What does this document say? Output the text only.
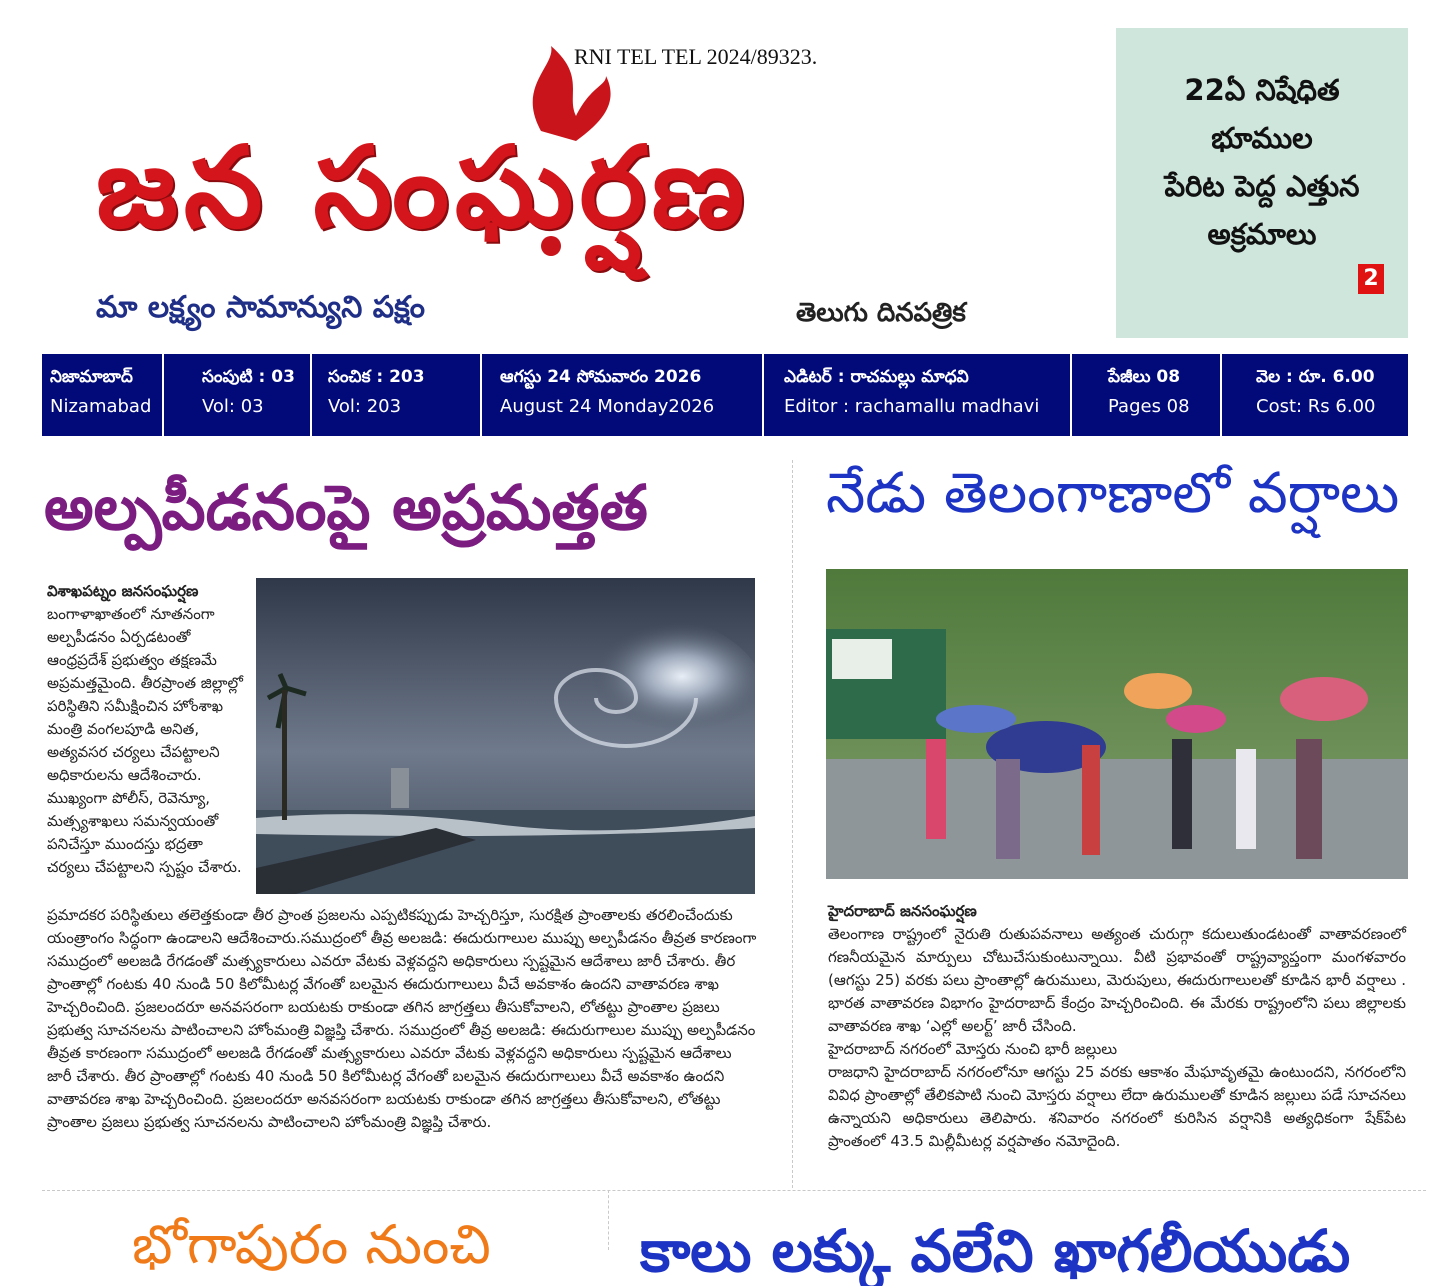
RNI TEL TEL 2024/89323.
జన సంఘర్షణ
మా లక్ష్యం సామాన్యుని పక్షం	తెలుగు దినపత్రిక
22ఏ నిషేధిత
భూముల
పేరిట పెద్ద ఎత్తున
అక్రమాలు
2
నిజామాబాద్
Nizamabad
సంపుటి : 03
Vol: 03
సంచిక : 203
Vol: 203
ఆగస్టు 24 సోమవారం 2026
August 24 Monday2026
ఎడిటర్ : రాచమల్లు మాధవి
Editor : rachamallu madhavi
పేజీలు 08
Pages 08
వెల : రూ. 6.00
Cost: Rs 6.00
అల్పపీడనంపై అప్రమత్తత
విశాఖపట్నం జనసంఘర్షణ
బంగాళాఖాతంలో నూతనంగా అల్పపీడనం ఏర్పడటంతో ఆంధ్రప్రదేశ్ ప్రభుత్వం తక్షణమే అప్రమత్తమైంది. తీరప్రాంత జిల్లాల్లో పరిస్థితిని సమీక్షించిన హోంశాఖ మంత్రి వంగలపూడి అనిత, అత్యవసర చర్యలు చేపట్టాలని అధికారులను ఆదేశించారు. ముఖ్యంగా పోలీస్, రెవెన్యూ, మత్స్యశాఖలు సమన్వయంతో పనిచేస్తూ ముందస్తు భద్రతా చర్యలు చేపట్టాలని స్పష్టం చేశారు.
ప్రమాదకర పరిస్థితులు తలెత్తకుండా తీర ప్రాంత ప్రజలను ఎప్పటికప్పుడు హెచ్చరిస్తూ, సురక్షిత ప్రాంతాలకు తరలించేందుకు యంత్రాంగం సిద్ధంగా ఉండాలని ఆదేశించారు.సముద్రంలో తీవ్ర అలజడి: ఈదురుగాలుల ముప్పు అల్పపీడనం తీవ్రత కారణంగా సముద్రంలో అలజడి రేగడంతో మత్స్యకారులు ఎవరూ వేటకు వెళ్లవద్దని అధికారులు స్పష్టమైన ఆదేశాలు జారీ చేశారు. తీర ప్రాంతాల్లో గంటకు 40 నుండి 50 కిలోమీటర్ల వేగంతో బలమైన ఈదురుగాలులు వీచే అవకాశం ఉందని వాతావరణ శాఖ హెచ్చరించింది. ప్రజలందరూ అనవసరంగా బయటకు రాకుండా తగిన జాగ్రత్తలు తీసుకోవాలని, లోతట్టు ప్రాంతాల ప్రజలు ప్రభుత్వ సూచనలను పాటించాలని హోంమంత్రి విజ్ఞప్తి చేశారు. సముద్రంలో తీవ్ర అలజడి: ఈదురుగాలుల ముప్పు అల్పపీడనం తీవ్రత కారణంగా సముద్రంలో అలజడి రేగడంతో మత్స్యకారులు ఎవరూ వేటకు వెళ్లవద్దని అధికారులు స్పష్టమైన ఆదేశాలు జారీ చేశారు. తీర ప్రాంతాల్లో గంటకు 40 నుండి 50 కిలోమీటర్ల వేగంతో బలమైన ఈదురుగాలులు వీచే అవకాశం ఉందని వాతావరణ శాఖ హెచ్చరించింది. ప్రజలందరూ అనవసరంగా బయటకు రాకుండా తగిన జాగ్రత్తలు తీసుకోవాలని, లోతట్టు ప్రాంతాల ప్రజలు ప్రభుత్వ సూచనలను పాటించాలని హోంమంత్రి విజ్ఞప్తి చేశారు.
నేడు తెలంగాణాలో వర్షాలు
హైదరాబాద్ జనసంఘర్షణ
తెలంగాణ రాష్ట్రంలో నైరుతి రుతుపవనాలు అత్యంత చురుగ్గా కదులుతుండటంతో వాతావరణంలో గణనీయమైన మార్పులు చోటుచేసుకుంటున్నాయి. వీటి ప్రభావంతో రాష్ట్రవ్యాప్తంగా మంగళవారం (ఆగస్టు 25) వరకు పలు ప్రాంతాల్లో ఉరుములు, మెరుపులు, ఈదురుగాలులతో కూడిన భారీ వర్షాలు . భారత వాతావరణ విభాగం హైదరాబాద్ కేంద్రం హెచ్చరించింది. ఈ మేరకు రాష్ట్రంలోని పలు జిల్లాలకు వాతావరణ శాఖ ‘ఎల్లో అలర్ట్’ జారీ చేసింది.
హైదరాబాద్ నగరంలో మోస్తరు నుంచి భారీ జల్లులు
రాజధాని హైదరాబాద్ నగరంలోనూ ఆగస్టు 25 వరకు ఆకాశం మేఘావృతమై ఉంటుందని, నగరంలోని వివిధ ప్రాంతాల్లో తేలికపాటి నుంచి మోస్తరు వర్షాలు లేదా ఉరుములతో కూడిన జల్లులు పడే సూచనలు ఉన్నాయని అధికారులు తెలిపారు. శనివారం నగరంలో కురిసిన వర్షానికి అత్యధికంగా షేక్‌పేట ప్రాంతంలో 43.5 మిల్లీమీటర్ల వర్షపాతం నమోదైంది.
భోగాపురం నుంచి	కాలు లక్కు వలేని ఖాగలీయుడు
